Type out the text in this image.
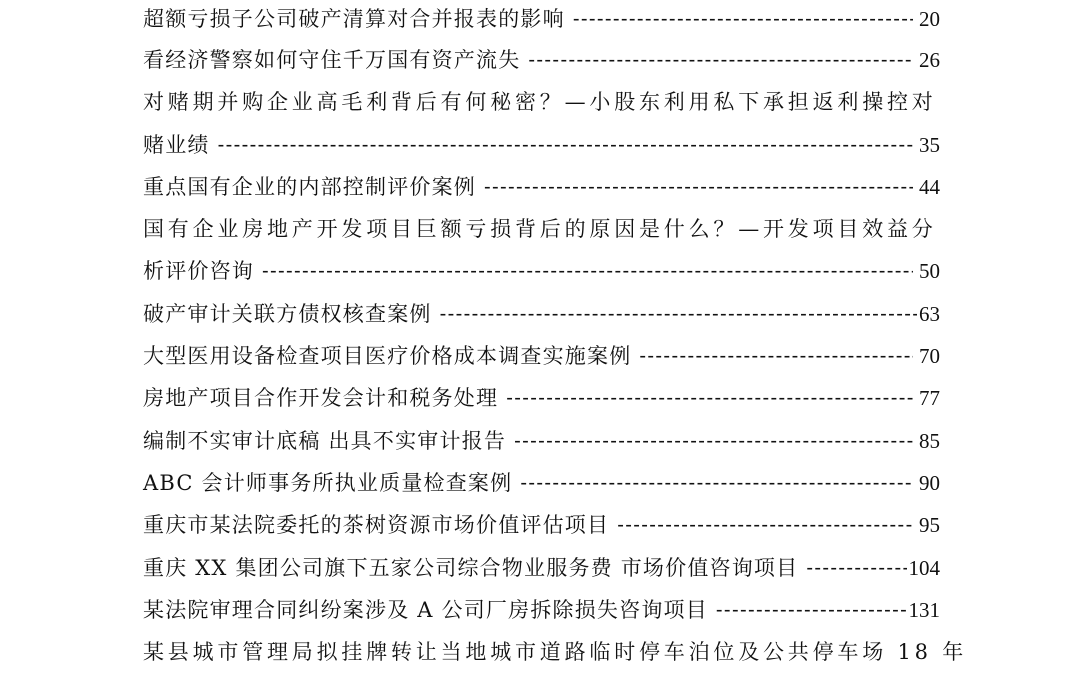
超额亏损子公司破产清算对合并报表的影响 -----	20
看经济警察如何守住千万国有资产流失 -----	26
对赌期并购企业高毛利背后有何秘密？—小股东利用私下承担返利操控对
赌业绩 -----	35
重点国有企业的内部控制评价案例 -----	44
国有企业房地产开发项目巨额亏损背后的原因是什么？—开发项目效益分
析评价咨询 -----	50
破产审计关联方债权核查案例 -----	63
大型医用设备检查项目医疗价格成本调查实施案例 -----	70
房地产项目合作开发会计和税务处理 -----	77
编制不实审计底稿 出具不实审计报告 -----	85
ABC 会计师事务所执业质量检查案例 -----	90
重庆市某法院委托的茶树资源市场价值评估项目 -----	95
重庆 XX 集团公司旗下五家公司综合物业服务费 市场价值咨询项目 -----	104
某法院审理合同纠纷案涉及 A 公司厂房拆除损失咨询项目 -----	131
某县城市管理局拟挂牌转让当地城市道路临时停车泊位及公共停车场 18 年
